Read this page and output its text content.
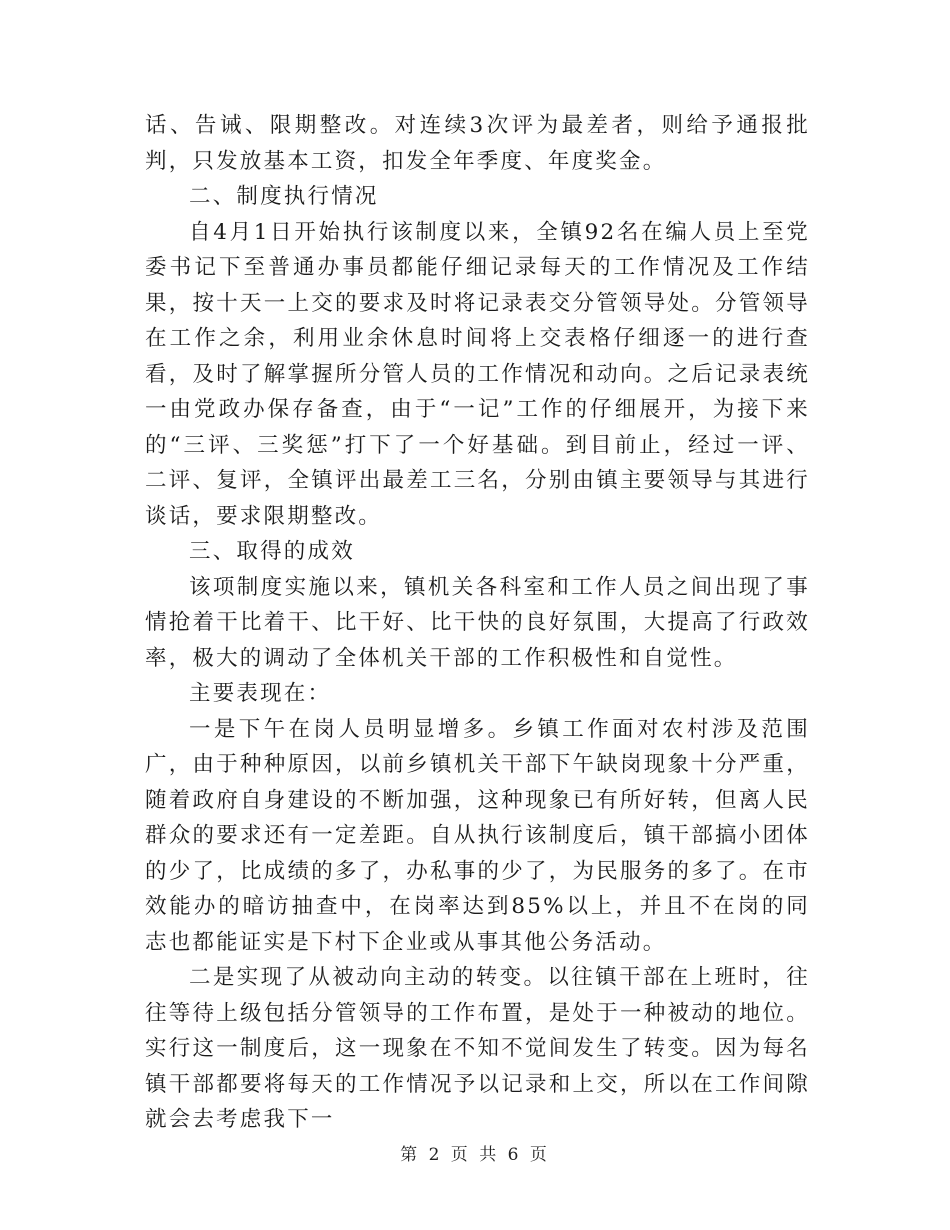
话、告诫、限期整改。对连续3次评为最差者，则给予通报批判，只发放基本工资，扣发全年季度、年度奖金。

二、制度执行情况

自4月1日开始执行该制度以来，全镇92名在编人员上至党委书记下至普通办事员都能仔细记录每天的工作情况及工作结果，按十天一上交的要求及时将记录表交分管领导处。分管领导在工作之余，利用业余休息时间将上交表格仔细逐一的进行查看，及时了解掌握所分管人员的工作情况和动向。之后记录表统一由党政办保存备查，由于“一记”工作的仔细展开，为接下来的“三评、三奖惩”打下了一个好基础。到目前止，经过一评、二评、复评，全镇评出最差工三名，分别由镇主要领导与其进行谈话，要求限期整改。

三、取得的成效

该项制度实施以来，镇机关各科室和工作人员之间出现了事情抢着干比着干、比干好、比干快的良好氛围，大提高了行政效率，极大的调动了全体机关干部的工作积极性和自觉性。

主要表现在：

一是下午在岗人员明显增多。乡镇工作面对农村涉及范围广，由于种种原因，以前乡镇机关干部下午缺岗现象十分严重，随着政府自身建设的不断加强，这种现象已有所好转，但离人民群众的要求还有一定差距。自从执行该制度后，镇干部搞小团体的少了，比成绩的多了，办私事的少了，为民服务的多了。在市效能办的暗访抽查中，在岗率达到85%以上，并且不在岗的同志也都能证实是下村下企业或从事其他公务活动。

二是实现了从被动向主动的转变。以往镇干部在上班时，往往等待上级包括分管领导的工作布置，是处于一种被动的地位。实行这一制度后，这一现象在不知不觉间发生了转变。因为每名镇干部都要将每天的工作情况予以记录和上交，所以在工作间隙就会去考虑我下一

第 2 页 共 6 页
